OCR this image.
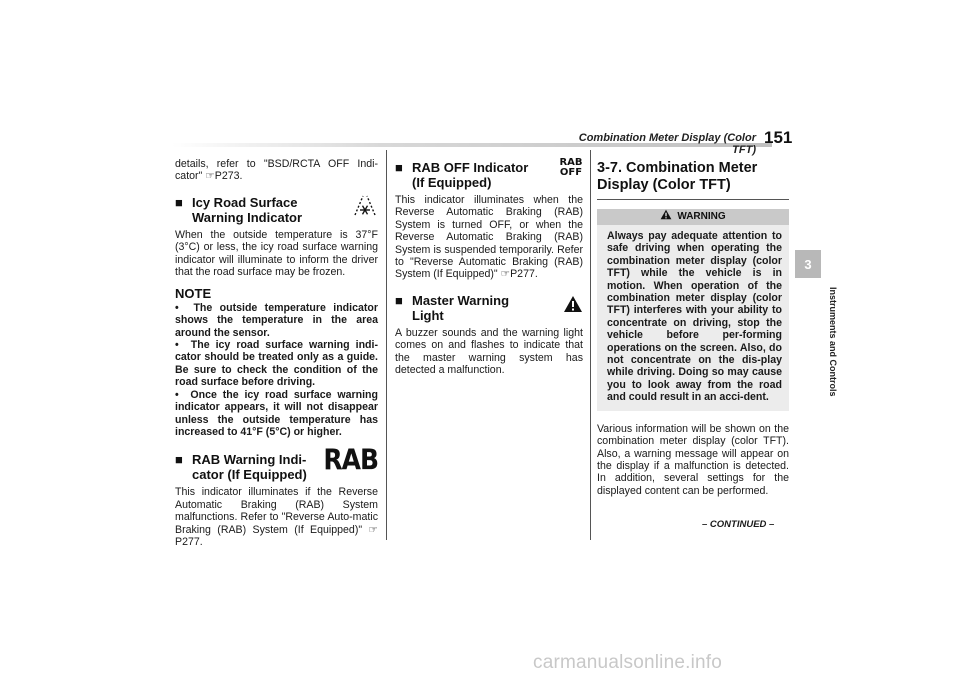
Combination Meter Display (Color TFT)
151
3
Instruments and Controls

details, refer to "BSD/RCTA OFF Indi-cator" ☞P273.

■ Icy Road Surface Warning Indicator

When the outside temperature is 37°F (3°C) or less, the icy road surface warning indicator will illuminate to inform the driver that the road surface may be frozen.

NOTE

•  The outside temperature indicator shows the temperature in the area around the sensor.

•  The icy road surface warning indi-cator should be treated only as a guide. Be sure to check the condition of the road surface before driving.

•  Once the icy road surface warning indicator appears, it will not disappear unless the outside temperature has increased to 41°F (5°C) or higher.

■ RAB Warning Indi-cator (If Equipped) RAB

This indicator illuminates if the Reverse Automatic Braking (RAB) System malfunctions. Refer to "Reverse Auto-matic Braking (RAB) System (If Equipped)" ☞P277.

■ RAB OFF Indicator (If Equipped)
RAB
OFF

This indicator illuminates when the Reverse Automatic Braking (RAB) System is turned OFF, or when the Reverse Automatic Braking (RAB) System is suspended temporarily. Refer to "Reverse Automatic Braking (RAB) System (If Equipped)" ☞P277.

■ Master Warning Light

A buzzer sounds and the warning light comes on and flashes to indicate that the master warning system has detected a malfunction.

3-7. Combination Meter Display (Color TFT)
WARNING

Always pay adequate attention to safe driving when operating the combination meter display (color TFT) while the vehicle is in motion. When operation of the combination meter display (color TFT) interferes with your ability to concentrate on driving, stop the vehicle before per-forming operations on the screen. Also, do not concentrate on the dis-play while driving. Doing so may cause you to look away from the road and could result in an acci-dent.

Various information will be shown on the combination meter display (color TFT). Also, a warning message will appear on the display if a malfunction is detected. In addition, several settings for the displayed content can be performed.

– CONTINUED –
carmanualsonline.info
